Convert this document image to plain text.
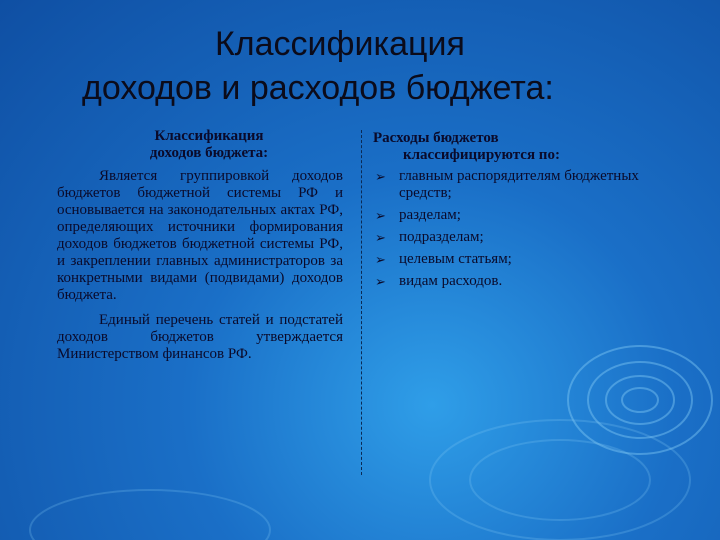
Классификация
доходов и расходов бюджета:
Классификация
доходов бюджета:
Является группировкой доходов бюджетов бюджетной системы РФ и основывается на законодательных актах РФ, определяющих источники формирования доходов бюджетов бюджетной системы РФ, и закреплении главных администраторов за конкретными видами (подвидами) доходов бюджета.
Единый перечень статей и подстатей доходов бюджетов утверждается Министерством финансов РФ.
Расходы бюджетов
классифицируются по:
➢ главным распорядителям бюджетных средств;
➢ разделам;
➢ подразделам;
➢ целевым статьям;
➢ видам расходов.
